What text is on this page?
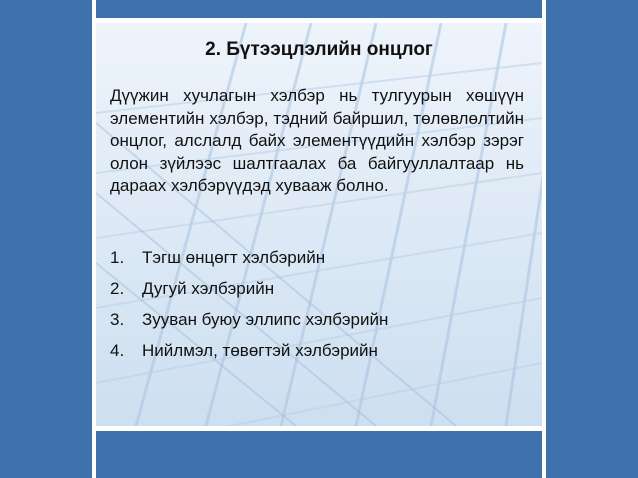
2. Бүтээцлэлийн онцлог

Дүүжин хучлагын хэлбэр нь тулгуурын хөшүүн элементийн хэлбэр, тэдний байршил, төлөвлөлтийн онцлог, алслалд байх элементүүдийн хэлбэр зэрэг олон зүйлээс шалтгаалах ба байгууллалтаар нь дараах хэлбэрүүдэд хувааж болно.

1. Тэгш өнцөгт хэлбэрийн
2. Дугуй хэлбэрийн
3. Зууван буюу эллипс хэлбэрийн
4. Нийлмэл, төвөгтэй хэлбэрийн
